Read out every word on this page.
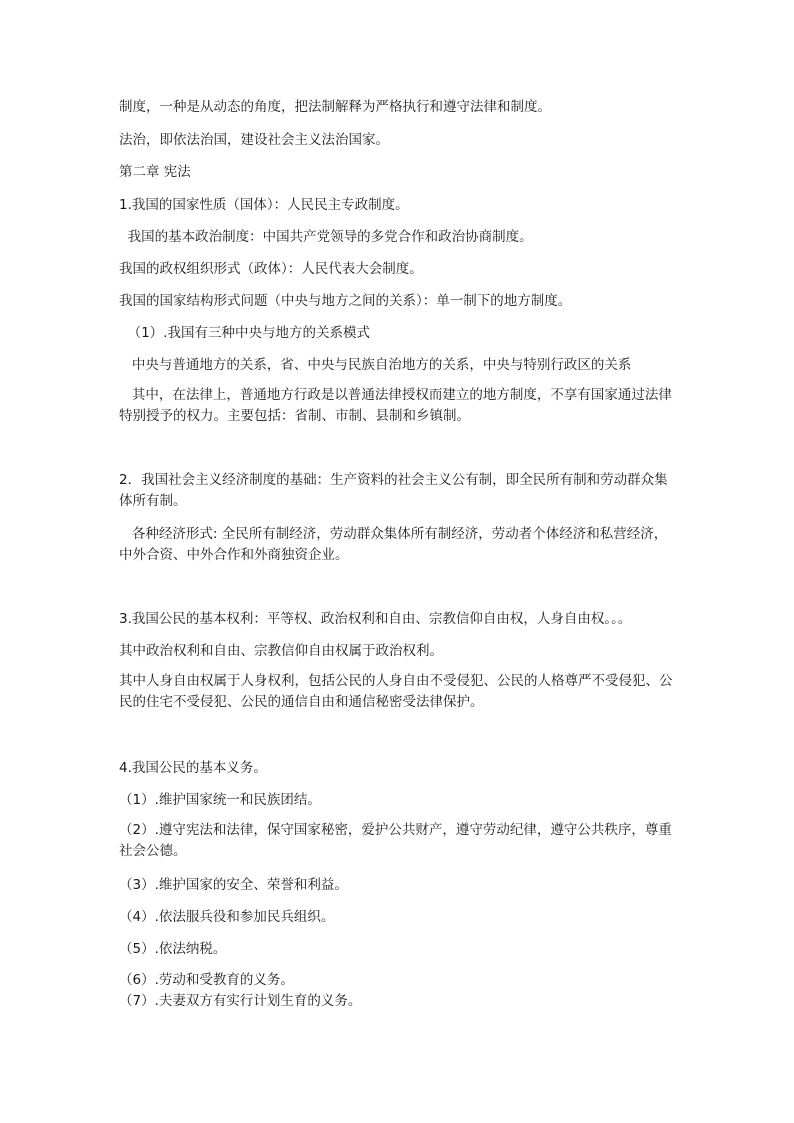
制度，一种是从动态的角度，把法制解释为严格执行和遵守法律和制度。
法治，即依法治国，建设社会主义法治国家。
第二章 宪法
1.我国的国家性质（国体）：人民民主专政制度。
我国的基本政治制度：中国共产党领导的多党合作和政治协商制度。
我国的政权组织形式（政体）：人民代表大会制度。
我国的国家结构形式问题（中央与地方之间的关系）：单一制下的地方制度。
（1）.我国有三种中央与地方的关系模式
中央与普通地方的关系，省、中央与民族自治地方的关系，中央与特别行政区的关系
其中，在法律上，普通地方行政是以普通法律授权而建立的地方制度，不享有国家通过法律特别授予的权力。主要包括：省制、市制、县制和乡镇制。
2．我国社会主义经济制度的基础：生产资料的社会主义公有制，即全民所有制和劳动群众集体所有制。
各种经济形式: 全民所有制经济，劳动群众集体所有制经济，劳动者个体经济和私营经济，中外合资、中外合作和外商独资企业。
3.我国公民的基本权利：平等权、政治权利和自由、宗教信仰自由权，人身自由权。。。
其中政治权利和自由、宗教信仰自由权属于政治权利。
其中人身自由权属于人身权利，包括公民的人身自由不受侵犯、公民的人格尊严不受侵犯、公民的住宅不受侵犯、公民的通信自由和通信秘密受法律保护。
4.我国公民的基本义务。
（1）.维护国家统一和民族团结。
（2）.遵守宪法和法律，保守国家秘密，爱护公共财产，遵守劳动纪律，遵守公共秩序，尊重社会公德。
（3）.维护国家的安全、荣誉和利益。
（4）.依法服兵役和参加民兵组织。
（5）.依法纳税。
（6）.劳动和受教育的义务。
（7）.夫妻双方有实行计划生育的义务。
